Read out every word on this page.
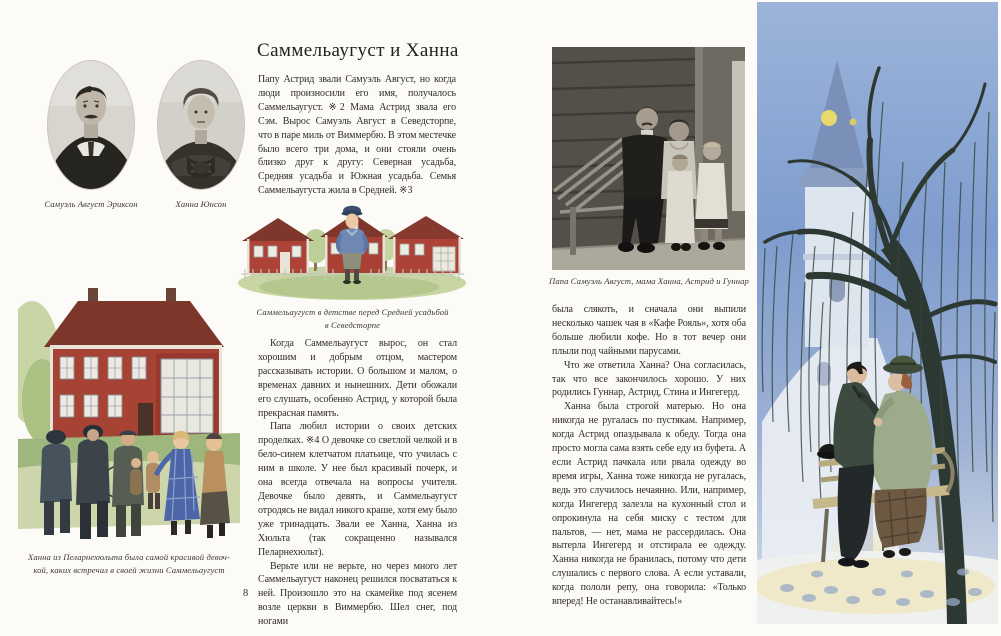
Саммельаугуст и Ханна
Самуэль Август Эриксон	Ханна Юнсон

Папу Астрид звали Самуэль Август, но когда люди произносили его имя, получалось Саммельаугуст. ※2 Мама Астрид звала его Сэм. Вырос Самуэль Август в Севедсторпе, что в паре миль от Виммербю. В этом местечке было всего три дома, и они стояли очень близко друг к другу: Северная усадьба, Средняя усадьба и Южная усадьба. Семья Саммельаугуста жила в Средней. ※3

Саммельаугуст в детстве перед Средней усадьбой
в Севедсторпе

Когда Саммельаугуст вырос, он стал хорошим и добрым отцом, мастером рассказывать истории. О большом и малом, о временах давних и нынешних. Дети обожали его слушать, особенно Астрид, у которой была прекрасная память.

Папа любил истории о своих детских проделках. ※4 О девочке со светлой челкой и в бело-синем клетчатом платьице, что училась с ним в школе. У нее был красивый почерк, и она всегда отвечала на вопросы учителя. Девочке было девять, и Саммельаугуст отродясь не видал никого краше, хотя ему было уже тринадцать. Звали ее Ханна, Ханна из Хюльта (так сокращенно назывался Пеларнехюльт).

Верьте или не верьте, но через много лет Саммельаугуст наконец решился посвататься к ней. Произошло это на скамейке под ясенем возле церкви в Виммербю. Шел снег, под ногами

Ханна из Пеларнехюльта была самой красивой девоч-
кой, каких встречал в своей жизни Саммельаугуст
8
Папа Самуэль Август, мама Ханна, Астрид и Гуннар

была слякоть, и сначала они выпили несколько чашек чая в «Кафе Рояль», хотя оба больше любили кофе. Но в тот вечер они плыли под чайными парусами.

Что же ответила Ханна? Она согласилась, так что все закончилось хорошо. У них родились Гуннар, Астрид, Стина и Ингегерд.

Ханна была строгой матерью. Но она никогда не ругалась по пустякам. Например, когда Астрид опаздывала к обеду. Тогда она просто могла сама взять себе еду из буфета. А если Астрид пачкала или рвала одежду во время игры, Ханна тоже никогда не ругалась, ведь это случилось нечаянно. Или, например, когда Ингегерд залезла на кухонный стол и опрокинула на себя миску с тестом для пальтов, — нет, мама не рассердилась. Она вытерла Ингегерд и отстирала ее одежду. Ханна никогда не бранилась, потому что дети слушались с первого слова. А если уставали, когда пололи репу, она говорила: «Только вперед! Не останавливайтесь!»
